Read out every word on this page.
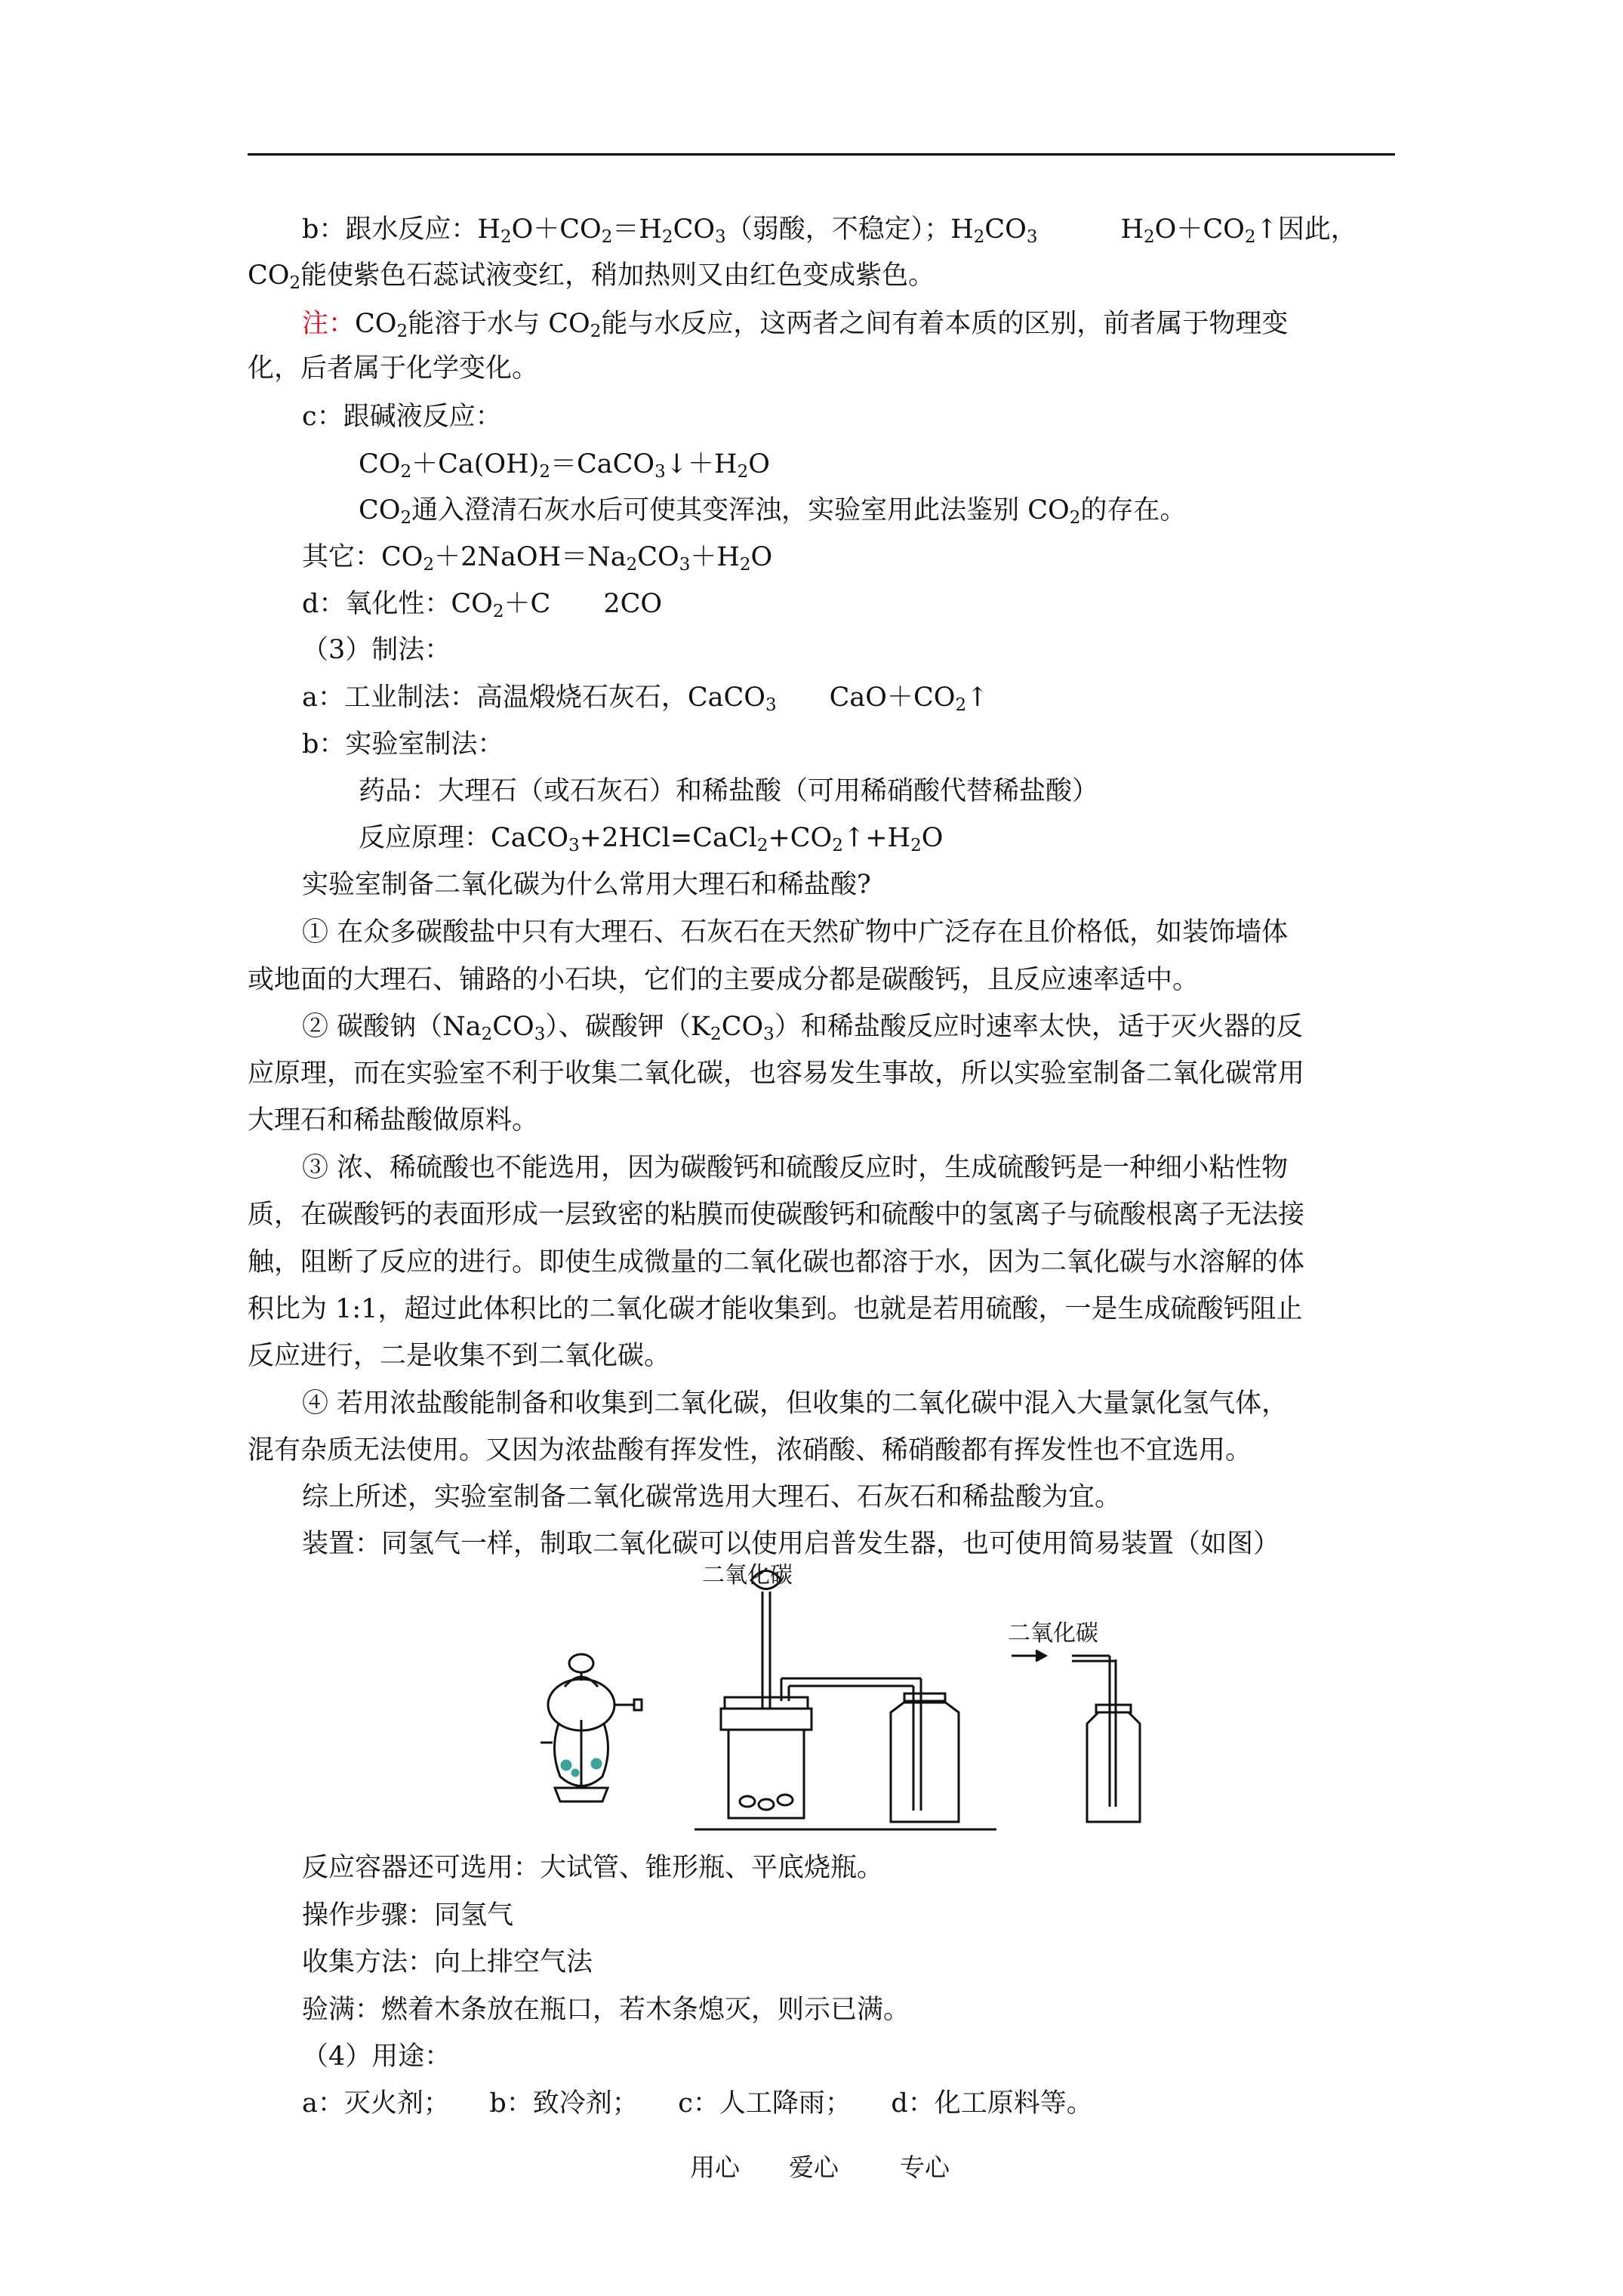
b：跟水反应：$H_2O+CO_2=H_2CO_3$（弱酸，不稳定）；$H_2CO_3$	$H_2O+CO_2↑$因此，
$CO_2$能使紫色石蕊试液变红，稍加热则又由红色变成紫色。
注：$CO_2$能溶于水与 $CO_2$能与水反应，这两者之间有着本质的区别，前者属于物理变
化，后者属于化学变化。
c：跟碱液反应：
$CO_2+Ca(OH)_2=CaCO_3↓+H_2O$
$CO_2$通入澄清石灰水后可使其变浑浊，实验室用此法鉴别 $CO_2$的存在。
其它：$CO_2+2NaOH=Na_2CO_3+H_2O$
d：氧化性：$CO_2+C$ 2CO
（3）制法：
a：工业制法：高温煅烧石灰石，CaCO$_3$ $CaO+CO_2↑$
b：实验室制法：
药品：大理石（或石灰石）和稀盐酸（可用稀硝酸代替稀盐酸）
反应原理：$CaCO_3+2HCl=CaCl_2+CO_2↑+H_2O$
实验室制备二氧化碳为什么常用大理石和稀盐酸?
① 在众多碳酸盐中只有大理石、石灰石在天然矿物中广泛存在且价格低，如装饰墙体
或地面的大理石、铺路的小石块，它们的主要成分都是碳酸钙，且反应速率适中。
② 碳酸钠$(Na_2CO_3)$、碳酸钾$(K_2CO_3)$和稀盐酸反应时速率太快，适于灭火器的反
应原理，而在实验室不利于收集二氧化碳，也容易发生事故，所以实验室制备二氧化碳常用
大理石和稀盐酸做原料。
③ 浓、稀硫酸也不能选用，因为碳酸钙和硫酸反应时，生成硫酸钙是一种细小粘性物
质，在碳酸钙的表面形成一层致密的粘膜而使碳酸钙和硫酸中的氢离子与硫酸根离子无法接
触，阻断了反应的进行。即使生成微量的二氧化碳也都溶于水，因为二氧化碳与水溶解的体
积比为 1:1，超过此体积比的二氧化碳才能收集到。也就是若用硫酸，一是生成硫酸钙阻止
反应进行，二是收集不到二氧化碳。
④ 若用浓盐酸能制备和收集到二氧化碳，但收集的二氧化碳中混入大量氯化氢气体，
混有杂质无法使用。又因为浓盐酸有挥发性，浓硝酸、稀硝酸都有挥发性也不宜选用。
综上所述，实验室制备二氧化碳常选用大理石、石灰石和稀盐酸为宜。
装置：同氢气一样，制取二氧化碳可以使用启普发生器，也可使用简易装置（如图）
二氧化碳
二氧化碳
反应容器还可选用：大试管、锥形瓶、平底烧瓶。
操作步骤：同氢气
收集方法：向上排空气法
验满：燃着木条放在瓶口，若木条熄灭，则示已满。
（4）用途：
a：灭火剂；　　b：致冷剂；　　c：人工降雨；　　d：化工原料等。
用心 爱心 专心
